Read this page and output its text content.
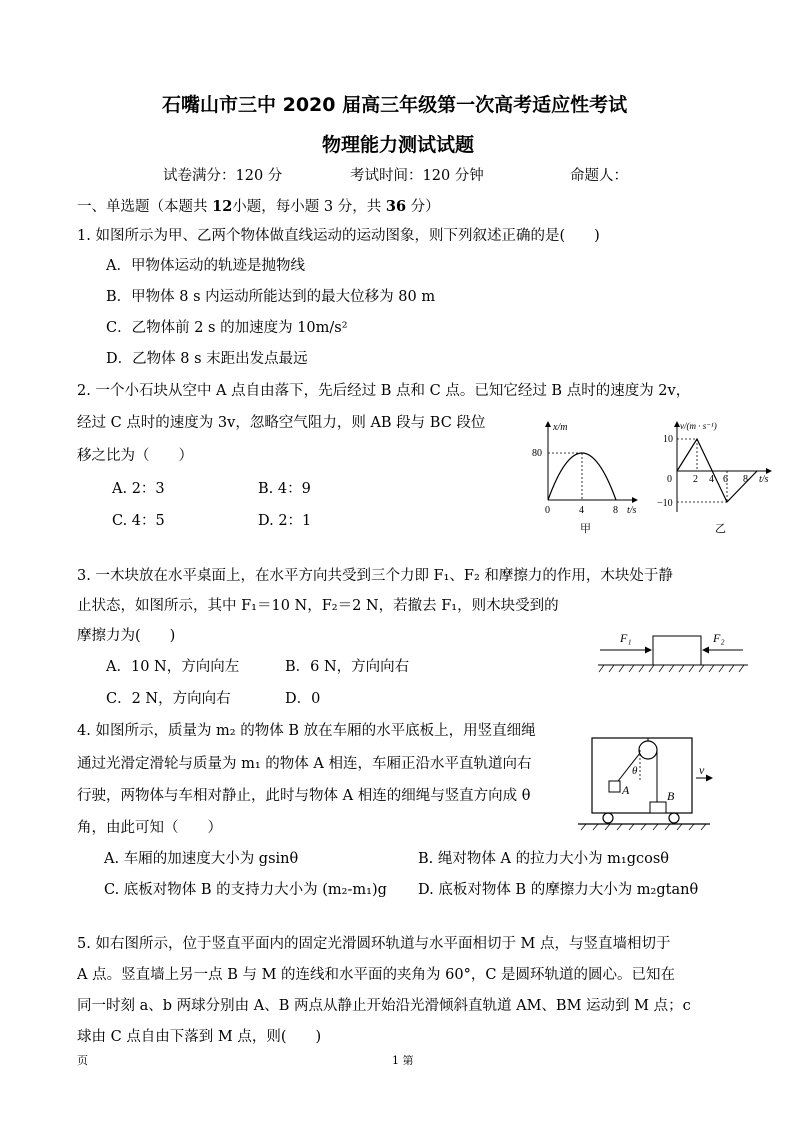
石嘴山市三中 2020 届高三年级第一次高考适应性考试
物理能力测试试题
试卷满分：120 分	考试时间：120 分钟	命题人：
一、单选题（本题共 12小题，每小题 3 分，共 36 分）
1. 如图所示为甲、乙两个物体做直线运动的运动图象，则下列叙述正确的是(　　)
A．甲物体运动的轨迹是抛物线
B．甲物体 8 s 内运动所能达到的最大位移为 80 m
C．乙物体前 2 s 的加速度为 10m/s²
D．乙物体 8 s 末距出发点最远
2. 一个小石块从空中 A 点自由落下，先后经过 B 点和 C 点。已知它经过 B 点时的速度为 2v，
经过 C 点时的速度为 3v，忽略空气阻力，则 AB 段与 BC 段位
移之比为（　　）
A. 2：3	B. 4：9
C. 4：5	D. 2：1
x/m
80
0	4	8 t/s
甲
v/(m · s⁻¹)
10
0
−10
2 4 6 8 t/s
乙
3. 一木块放在水平桌面上，在水平方向共受到三个力即 F₁、F₂ 和摩擦力的作用，木块处于静
止状态，如图所示，其中 F₁＝10 N，F₂＝2 N，若撤去 F₁，则木块受到的
摩擦力为(　　)
A．10 N，方向向左	B．6 N，方向向右
C．2 N，方向向右	D．0
F₁	F₂
4. 如图所示，质量为 m₂ 的物体 B 放在车厢的水平底板上，用竖直细绳
通过光滑定滑轮与质量为 m₁ 的物体 A 相连，车厢正沿水平直轨道向右
行驶，两物体与车相对静止，此时与物体 A 相连的细绳与竖直方向成 θ
角，由此可知（　　）
A. 车厢的加速度大小为 gsinθ	B. 绳对物体 A 的拉力大小为 m₁gcosθ
C. 底板对物体 B 的支持力大小为 (m₂-m₁)g D. 底板对物体 B 的摩擦力大小为 m₂gtanθ
A	B
θ	v
5. 如右图所示，位于竖直平面内的固定光滑圆环轨道与水平面相切于 M 点，与竖直墙相切于
A 点。竖直墙上另一点 B 与 M 的连线和水平面的夹角为 60°，C 是圆环轨道的圆心。已知在
同一时刻 a、b 两球分别由 A、B 两点从静止开始沿光滑倾斜直轨道 AM、BM 运动到 M 点；c
球由 C 点自由下落到 M 点，则(　　)
页	1 第
